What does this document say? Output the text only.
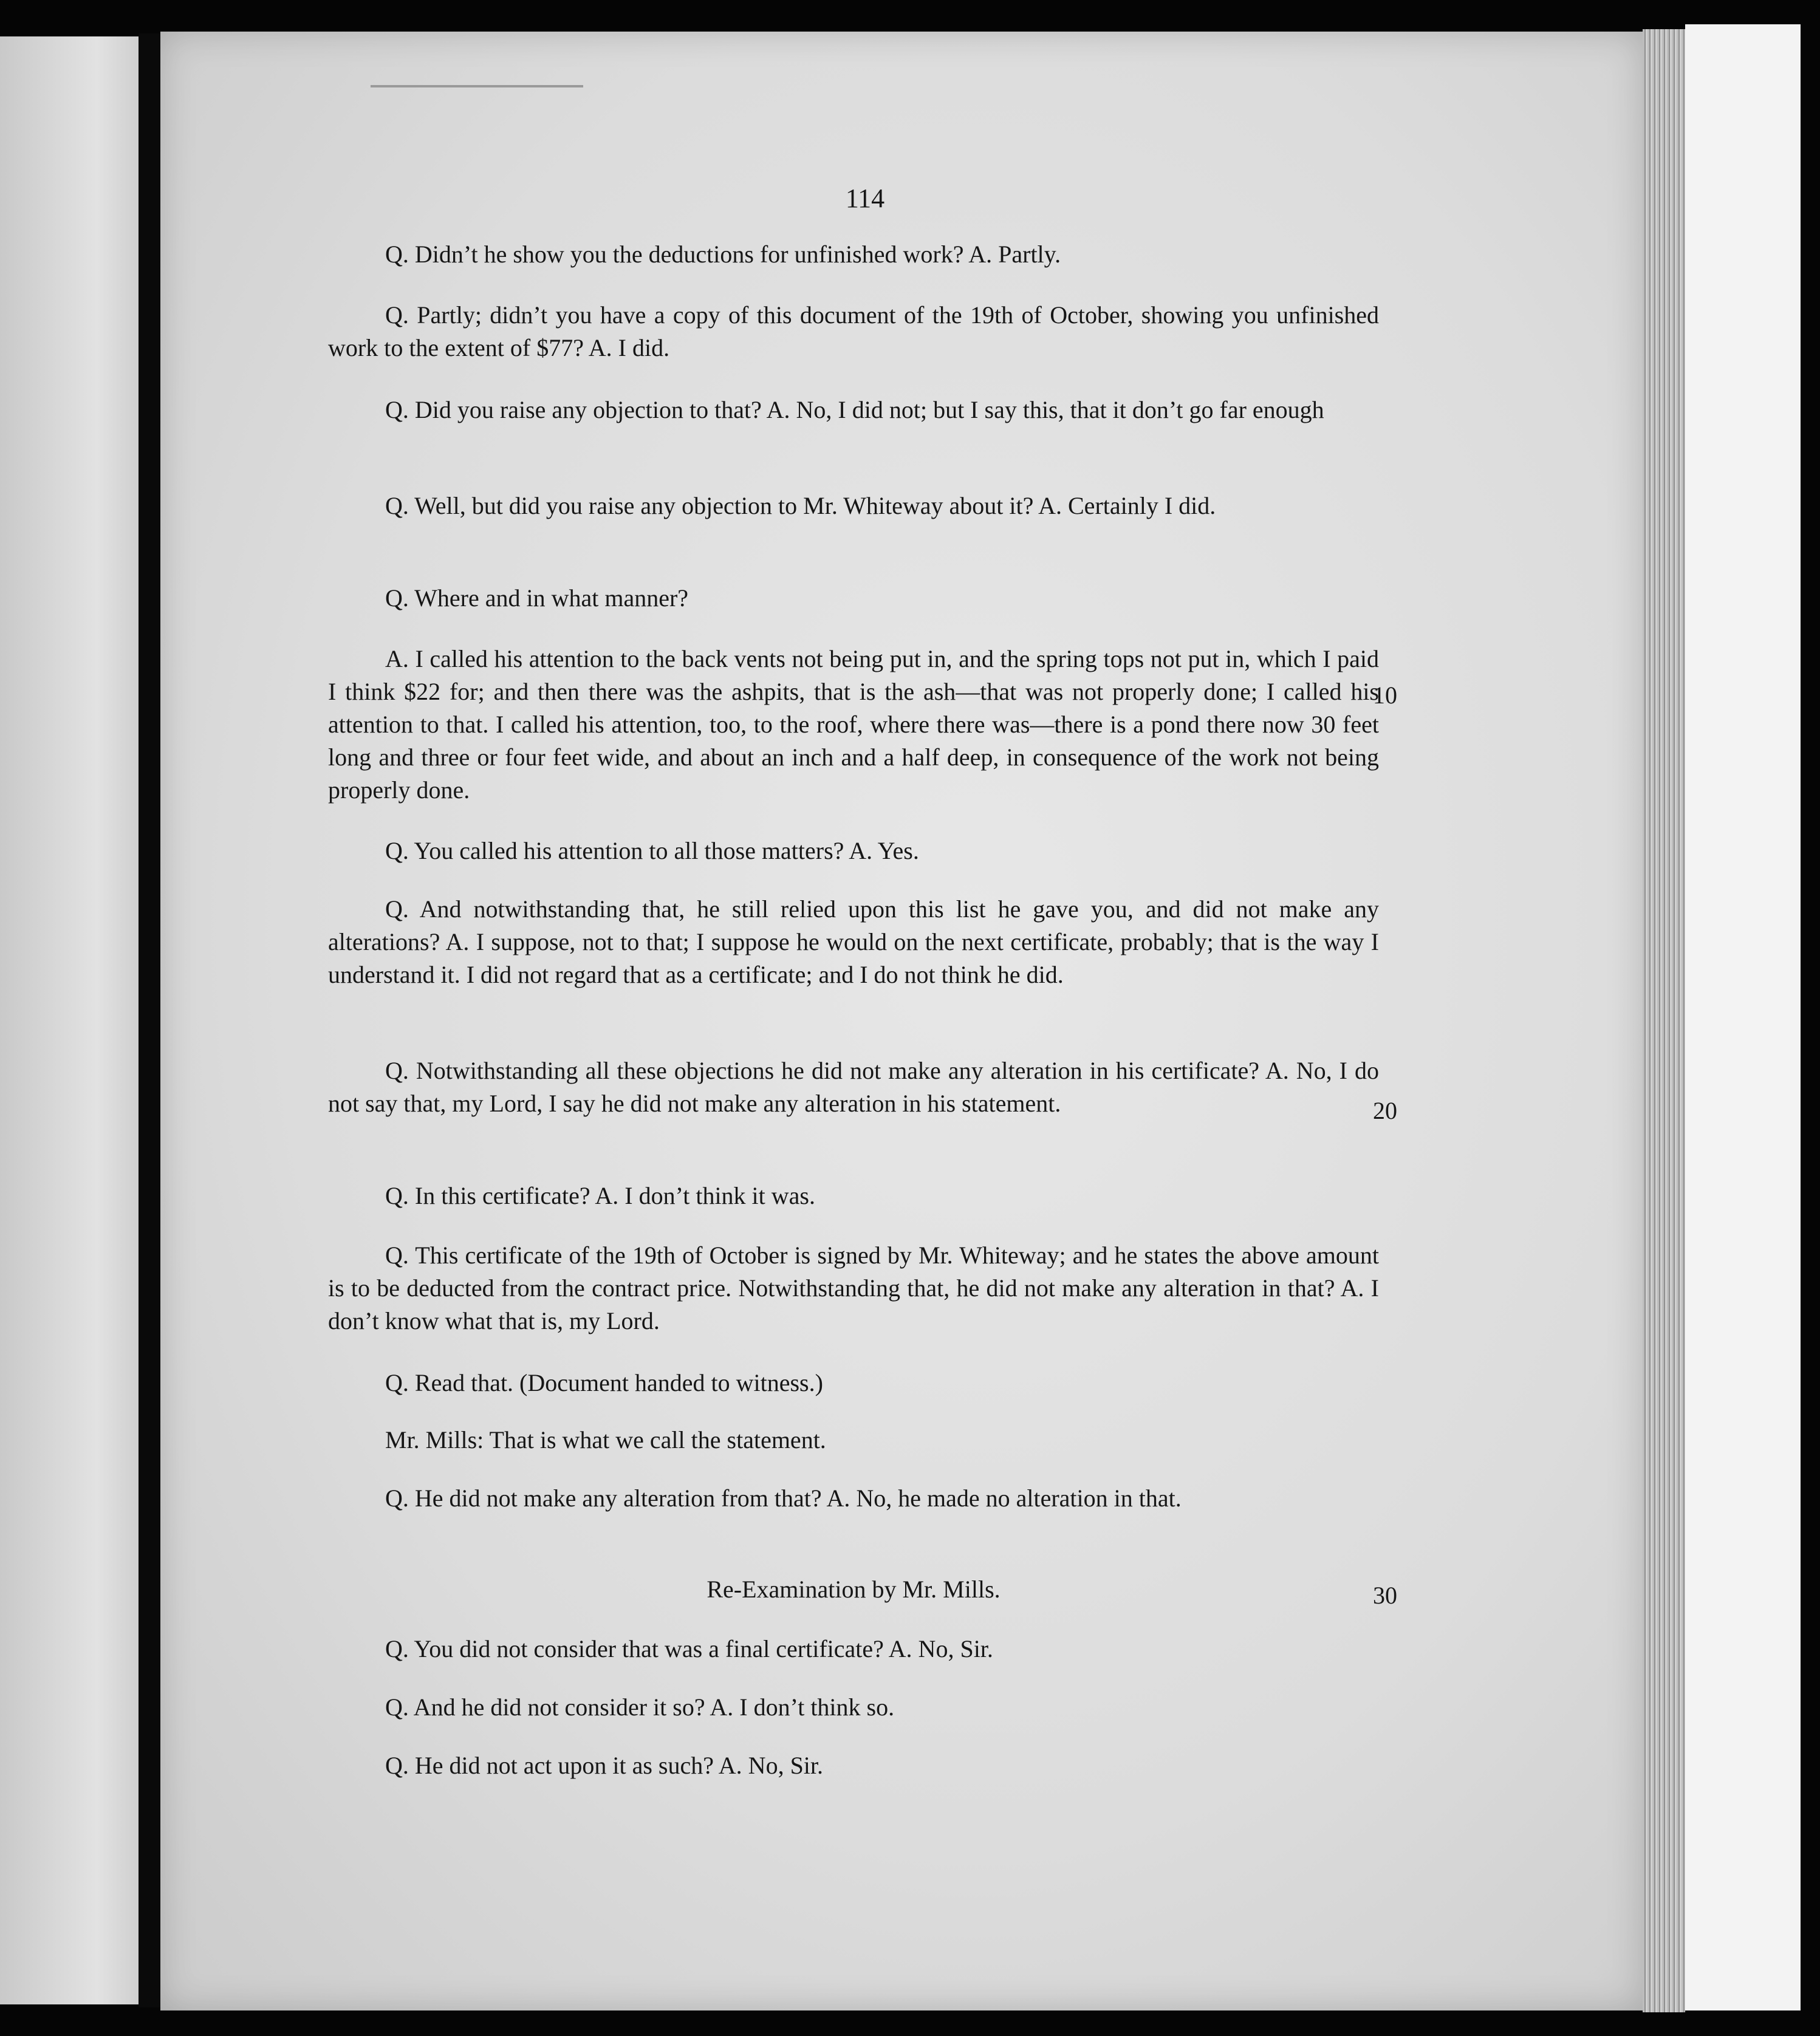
114

Q. Didn’t he show you the deductions for unfinished work? A. Partly.

Q. Partly; didn’t you have a copy of this document of the 19th of October, showing you unfinished work to the extent of $77? A. I did.

Q. Did you raise any objection to that? A. No, I did not; but I say this, that it don’t go far enough

Q. Well, but did you raise any objection to Mr. Whiteway about it? A. Certainly I did.

Q. Where and in what manner?

A. I called his attention to the back vents not being put in, and the spring tops not put in, which I paid I think $22 for; and then there was the ashpits, that is the ash––that was not properly done; I called his attention to that. I called his attention, too, to the roof, where there was––there is a pond there now 30 feet long and three or four feet wide, and about an inch and a half deep, in consequence of the work not being properly done.

Q. You called his attention to all those matters? A. Yes.

Q. And notwithstanding that, he still relied upon this list he gave you, and did not make any alterations? A. I suppose, not to that; I suppose he would on the next certificate, probably; that is the way I understand it. I did not regard that as a certificate; and I do not think he did.

Q. Notwithstanding all these objections he did not make any alteration in his certificate? A. No, I do not say that, my Lord, I say he did not make any alteration in his statement.

Q. In this certificate? A. I don’t think it was.

Q. This certificate of the 19th of October is signed by Mr. Whiteway; and he states the above amount is to be deducted from the contract price. Notwithstanding that, he did not make any alteration in that? A. I don’t know what that is, my Lord.

Q. Read that. (Document handed to witness.)

Mr. Mills: That is what we call the statement.

Q. He did not make any alteration from that? A. No, he made no alteration in that.

Re-Examination by Mr. Mills.

Q. You did not consider that was a final certificate? A. No, Sir.

Q. And he did not consider it so? A. I don’t think so.

Q. He did not act upon it as such? A. No, Sir.

10
20
30
